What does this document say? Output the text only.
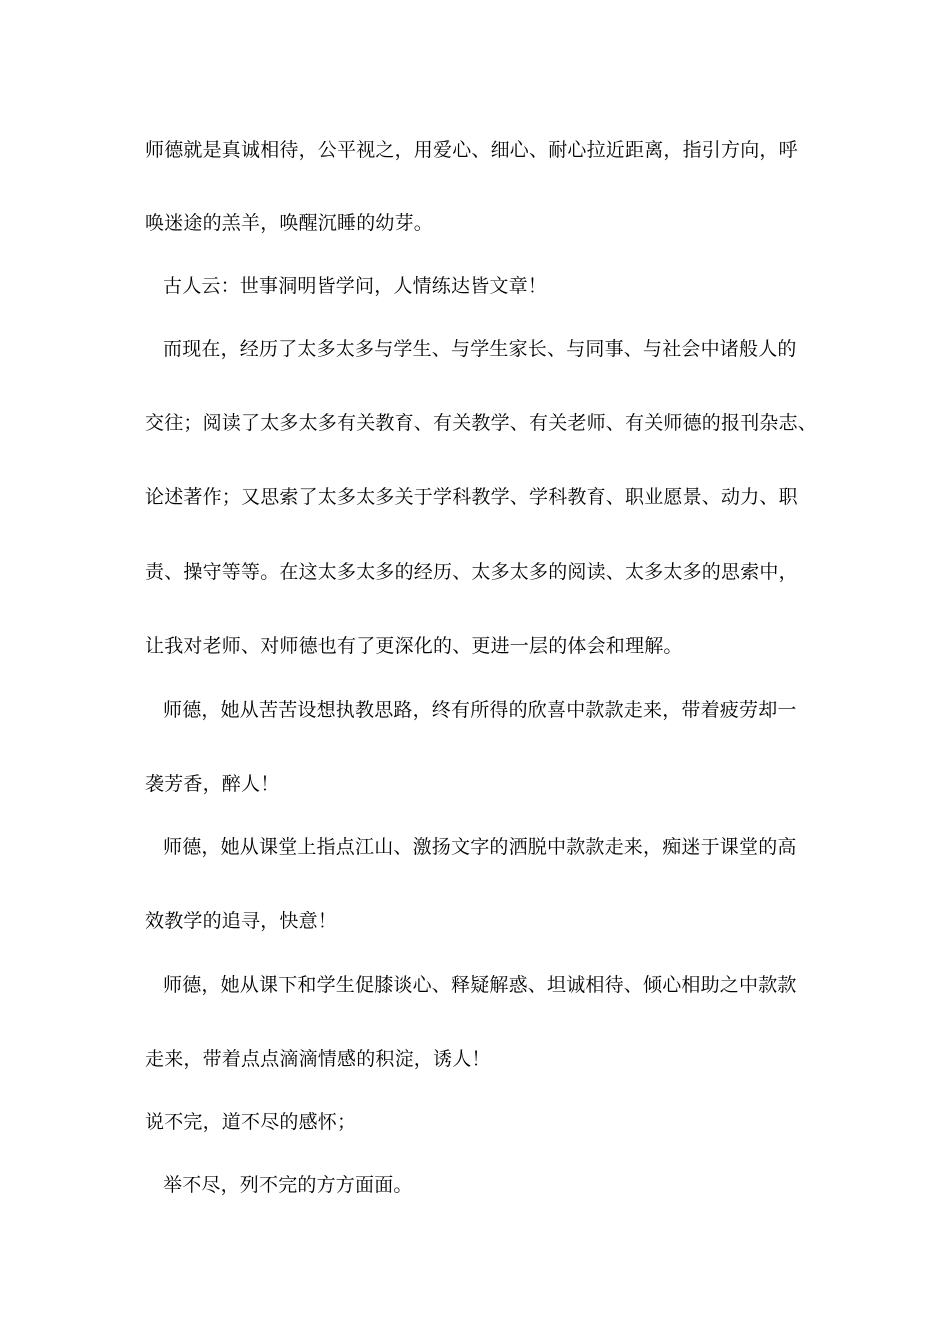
师德就是真诚相待，公平视之，用爱心、细心、耐心拉近距离，指引方向，呼
唤迷途的羔羊，唤醒沉睡的幼芽。
古人云：世事洞明皆学问，人情练达皆文章！
而现在，经历了太多太多与学生、与学生家长、与同事、与社会中诸般人的
交往；阅读了太多太多有关教育、有关教学、有关老师、有关师德的报刊杂志、
论述著作；又思索了太多太多关于学科教学、学科教育、职业愿景、动力、职
责、操守等等。在这太多太多的经历、太多太多的阅读、太多太多的思索中，
让我对老师、对师德也有了更深化的、更进一层的体会和理解。
师德，她从苦苦设想执教思路，终有所得的欣喜中款款走来，带着疲劳却一
袭芳香，醉人！
师德，她从课堂上指点江山、激扬文字的洒脱中款款走来，痴迷于课堂的高
效教学的追寻，快意！
师德，她从课下和学生促膝谈心、释疑解惑、坦诚相待、倾心相助之中款款
走来，带着点点滴滴情感的积淀，诱人！
说不完，道不尽的感怀；
举不尽，列不完的方方面面。
